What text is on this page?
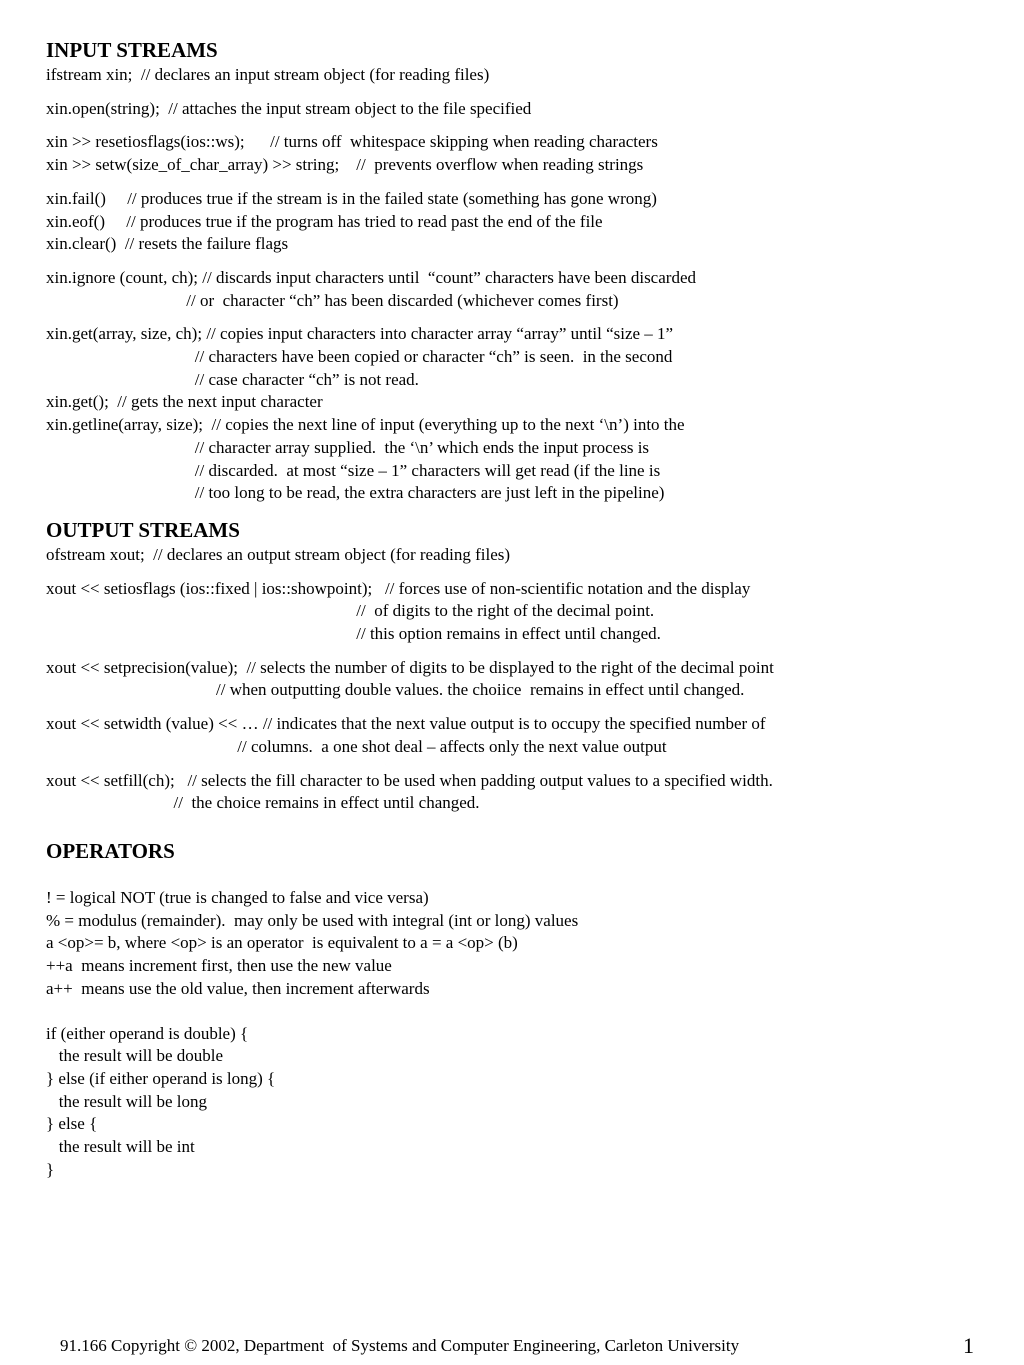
INPUT STREAMS
ifstream xin;  // declares an input stream object (for reading files)
xin.open(string);  // attaches the input stream object to the file specified
xin >> resetiosflags(ios::ws);      // turns off  whitespace skipping when reading characters
xin >> setw(size_of_char_array) >> string;    //  prevents overflow when reading strings
xin.fail()     // produces true if the stream is in the failed state (something has gone wrong)
xin.eof()     // produces true if the program has tried to read past the end of the file
xin.clear()  // resets the failure flags
xin.ignore (count, ch); // discards input characters until  “count” characters have been discarded
// or  character “ch” has been discarded (whichever comes first)
xin.get(array, size, ch); // copies input characters into character array “array” until “size – 1”
// characters have been copied or character “ch” is seen.  in the second
// case character “ch” is not read.
xin.get();  // gets the next input character
xin.getline(array, size);  // copies the next line of input (everything up to the next ‘\n’) into the
// character array supplied.  the ‘\n’ which ends the input process is
// discarded.  at most “size – 1” characters will get read (if the line is
// too long to be read, the extra characters are just left in the pipeline)
OUTPUT STREAMS
ofstream xout;  // declares an output stream object (for reading files)
xout << setiosflags (ios::fixed | ios::showpoint);   // forces use of non-scientific notation and the display
//  of digits to the right of the decimal point.
// this option remains in effect until changed.
xout << setprecision(value);  // selects the number of digits to be displayed to the right of the decimal point
// when outputting double values. the choiice  remains in effect until changed.
xout << setwidth (value) << … // indicates that the next value output is to occupy the specified number of
// columns.  a one shot deal – affects only the next value output
xout << setfill(ch);   // selects the fill character to be used when padding output values to a specified width.
//  the choice remains in effect until changed.
OPERATORS
! = logical NOT (true is changed to false and vice versa)
% = modulus (remainder).  may only be used with integral (int or long) values
a <op>= b, where <op> is an operator  is equivalent to a = a <op> (b)
++a  means increment first, then use the new value
a++  means use the old value, then increment afterwards
if (either operand is double) {
the result will be double
} else (if either operand is long) {
the result will be long
} else {
the result will be int
}
91.166 Copyright © 2002, Department  of Systems and Computer Engineering, Carleton University	1
